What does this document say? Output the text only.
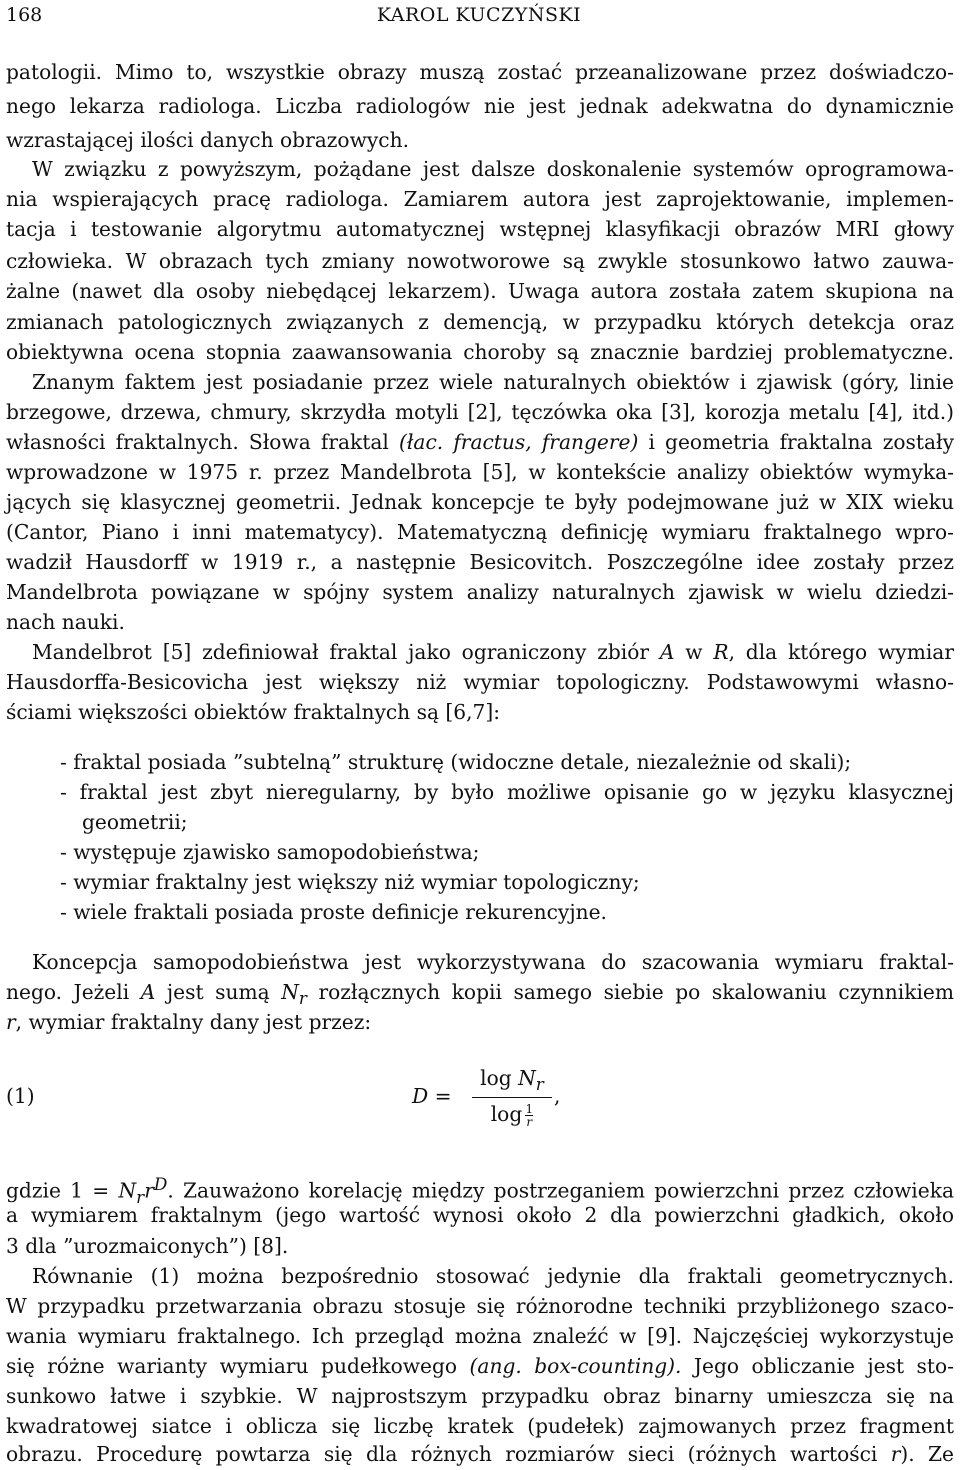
168	KAROL KUCZYŃSKI
patologii. Mimo to, wszystkie obrazy muszą zostać przeanalizowane przez doświadczo-
nego lekarza radiologa. Liczba radiologów nie jest jednak adekwatna do dynamicznie
wzrastającej ilości danych obrazowych.
W związku z powyższym, pożądane jest dalsze doskonalenie systemów oprogramowa-
nia wspierających pracę radiologa. Zamiarem autora jest zaprojektowanie, implemen-
tacja i testowanie algorytmu automatycznej wstępnej klasyfikacji obrazów MRI głowy
człowieka. W obrazach tych zmiany nowotworowe są zwykle stosunkowo łatwo zauwa-
żalne (nawet dla osoby niebędącej lekarzem). Uwaga autora została zatem skupiona na
zmianach patologicznych związanych z demencją, w przypadku których detekcja oraz
obiektywna ocena stopnia zaawansowania choroby są znacznie bardziej problematyczne.
Znanym faktem jest posiadanie przez wiele naturalnych obiektów i zjawisk (góry, linie
brzegowe, drzewa, chmury, skrzydła motyli [2], tęczówka oka [3], korozja metalu [4], itd.)
własności fraktalnych. Słowa fraktal (łac. fractus, frangere) i geometria fraktalna zostały
wprowadzone w 1975 r. przez Mandelbrota [5], w kontekście analizy obiektów wymyka-
jących się klasycznej geometrii. Jednak koncepcje te były podejmowane już w XIX wieku
(Cantor, Piano i inni matematycy). Matematyczną definicję wymiaru fraktalnego wpro-
wadził Hausdorff w 1919 r., a następnie Besicovitch. Poszczególne idee zostały przez
Mandelbrota powiązane w spójny system analizy naturalnych zjawisk w wielu dziedzi-
nach nauki.
Mandelbrot [5] zdefiniował fraktal jako ograniczony zbiór A w R, dla którego wymiar
Hausdorffa-Besicovicha jest większy niż wymiar topologiczny. Podstawowymi własno-
ściami większości obiektów fraktalnych są [6,7]:
- fraktal posiada ”subtelną” strukturę (widoczne detale, niezależnie od skali);
- fraktal jest zbyt nieregularny, by było możliwe opisanie go w języku klasycznej
geometrii;
- występuje zjawisko samopodobieństwa;
- wymiar fraktalny jest większy niż wymiar topologiczny;
- wiele fraktali posiada proste definicje rekurencyjne.
Koncepcja samopodobieństwa jest wykorzystywana do szacowania wymiaru fraktal-
nego. Jeżeli A jest sumą $N_r$ rozłącznych kopii samego siebie po skalowaniu czynnikiem
r, wymiar fraktalny dany jest przez:
(1)	D =
$\log N_r$
$\log \frac{1}{r}$
,
gdzie $1 = N_rr^D$. Zauważono korelację między postrzeganiem powierzchni przez człowieka
a wymiarem fraktalnym (jego wartość wynosi około 2 dla powierzchni gładkich, około
3 dla ”urozmaiconych”) [8].
Równanie (1) można bezpośrednio stosować jedynie dla fraktali geometrycznych.
W przypadku przetwarzania obrazu stosuje się różnorodne techniki przybliżonego szaco-
wania wymiaru fraktalnego. Ich przegląd można znaleźć w [9]. Najczęściej wykorzystuje
się różne warianty wymiaru pudełkowego (ang. box-counting). Jego obliczanie jest sto-
sunkowo łatwe i szybkie. W najprostszym przypadku obraz binarny umieszcza się na
kwadratowej siatce i oblicza się liczbę kratek (pudełek) zajmowanych przez fragment
obrazu. Procedurę powtarza się dla różnych rozmiarów sieci (różnych wartości r). Ze
